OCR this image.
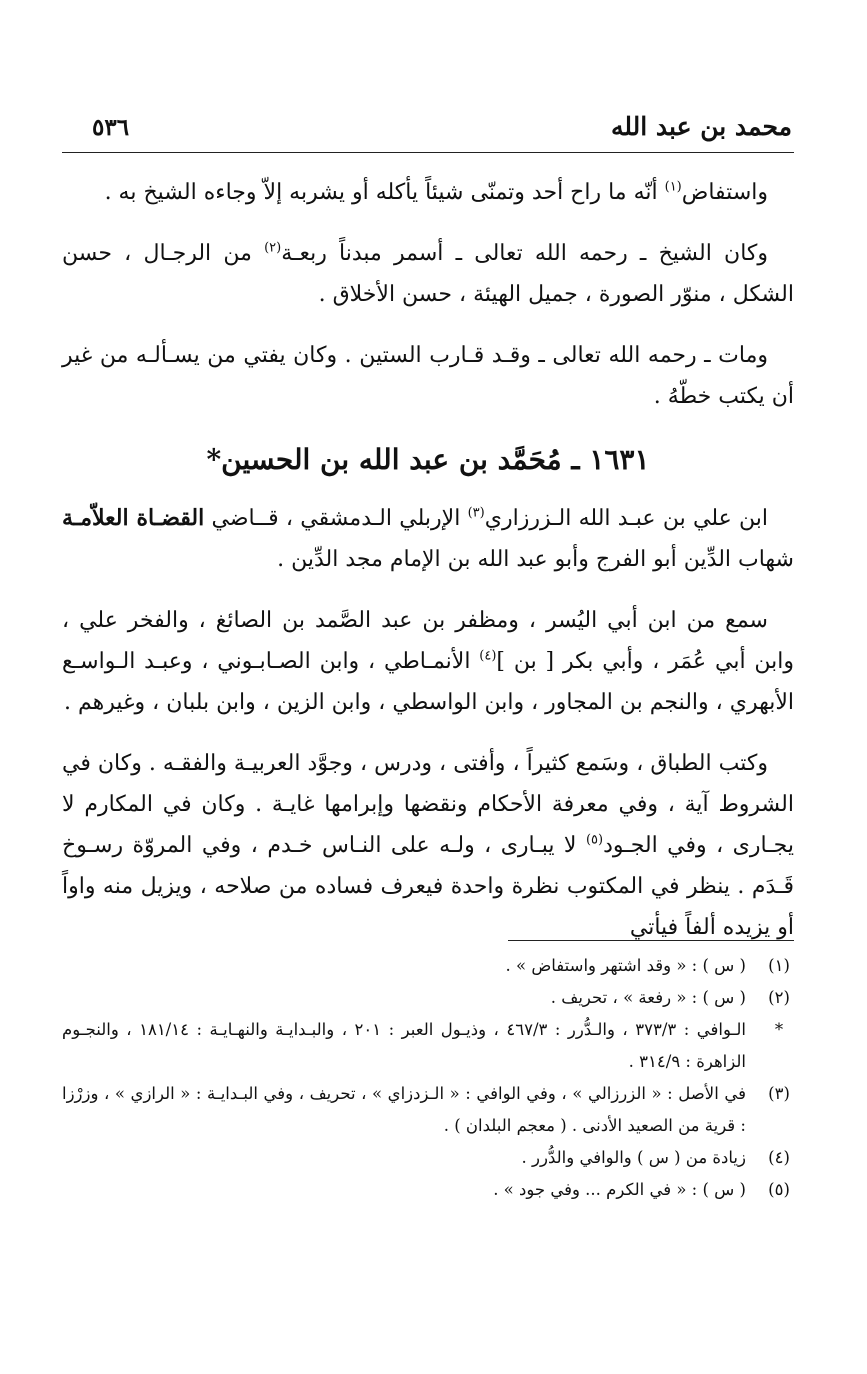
محمد بن عبد الله
٥٣٦

واستفاض$^{(١)}$ أنّه ما راح أحد وتمنّى شيئاً يأكله أو يشربه إلاّ وجاءه الشيخ به .

وكان الشيخ ـ رحمه الله تعالى ـ أسمر مبدناً ربعـة$^{(٢)}$ من الرجـال ، حسن الشكل ، منوّر الصورة ، جميل الهيئة ، حسن الأخلاق .

ومات ـ رحمه الله تعالى ـ وقـد قـارب الستين . وكان يفتي من يسـألـه من غير أن يكتب خطّهُ .

١٦٣١ ـ مُحَمَّد بن عبد الله بن الحسين*

ابن علي بن عبـد الله الـزرزاري$^{(٣)}$ الإربلي الـدمشقي ، قــاضي القضـاة العلاّمـة شهاب الدِّين أبو الفرج وأبو عبد الله بن الإمام مجد الدِّين .

سمع من ابن أبي اليُسر ، ومظفر بن عبد الصَّمد بن الصائغ ، والفخر علي ، وابن أبي عُمَر ، وأبي بكر [ بن ]$^{(٤)}$ الأنمـاطي ، وابن الصـابـوني ، وعبـد الـواسـع الأبهري ، والنجم بن المجاور ، وابن الواسطي ، وابن الزين ، وابن بلبان ، وغيرهم .

وكتب الطباق ، وسَمع كثيراً ، وأفتى ، ودرس ، وجوَّد العربيـة والفقـه . وكان في الشروط آية ، وفي معرفة الأحكام ونقضها وإبرامها غايـة . وكان في المكارم لا يجـارى ، وفي الجـود$^{(٥)}$ لا يبـارى ، ولـه على النـاس خـدم ، وفي المروّة رسـوخ قَـدَم . ينظر في المكتوب نظرة واحدة فيعرف فساده من صلاحه ، ويزيل منه واواً أو يزيده ألفاً فيأتي

(١)
( س ) : « وقد اشتهر واستفاض » .
(٢)
( س ) : « رفعة » ، تحريف .
*
الـوافي : ٣٧٣/٣ ، والـدُّرر : ٤٦٧/٣ ، وذيـول العبر : ٢٠١ ، والبـدايـة والنهـايـة : ١٨١/١٤ ، والنجـوم الزاهرة : ٣١٤/٩ .
(٣)
في الأصل : « الزرزالي » ، وفي الوافي : « الـزدزاي » ، تحريف ، وفي البـدايـة : « الرازي » ، وزرْزا : قرية من الصعيد الأدنى . ( معجم البلدان ) .
(٤)
زيادة من ( س ) والوافي والدُّرر .
(٥)
( س ) : « في الكرم ... وفي جود » .
